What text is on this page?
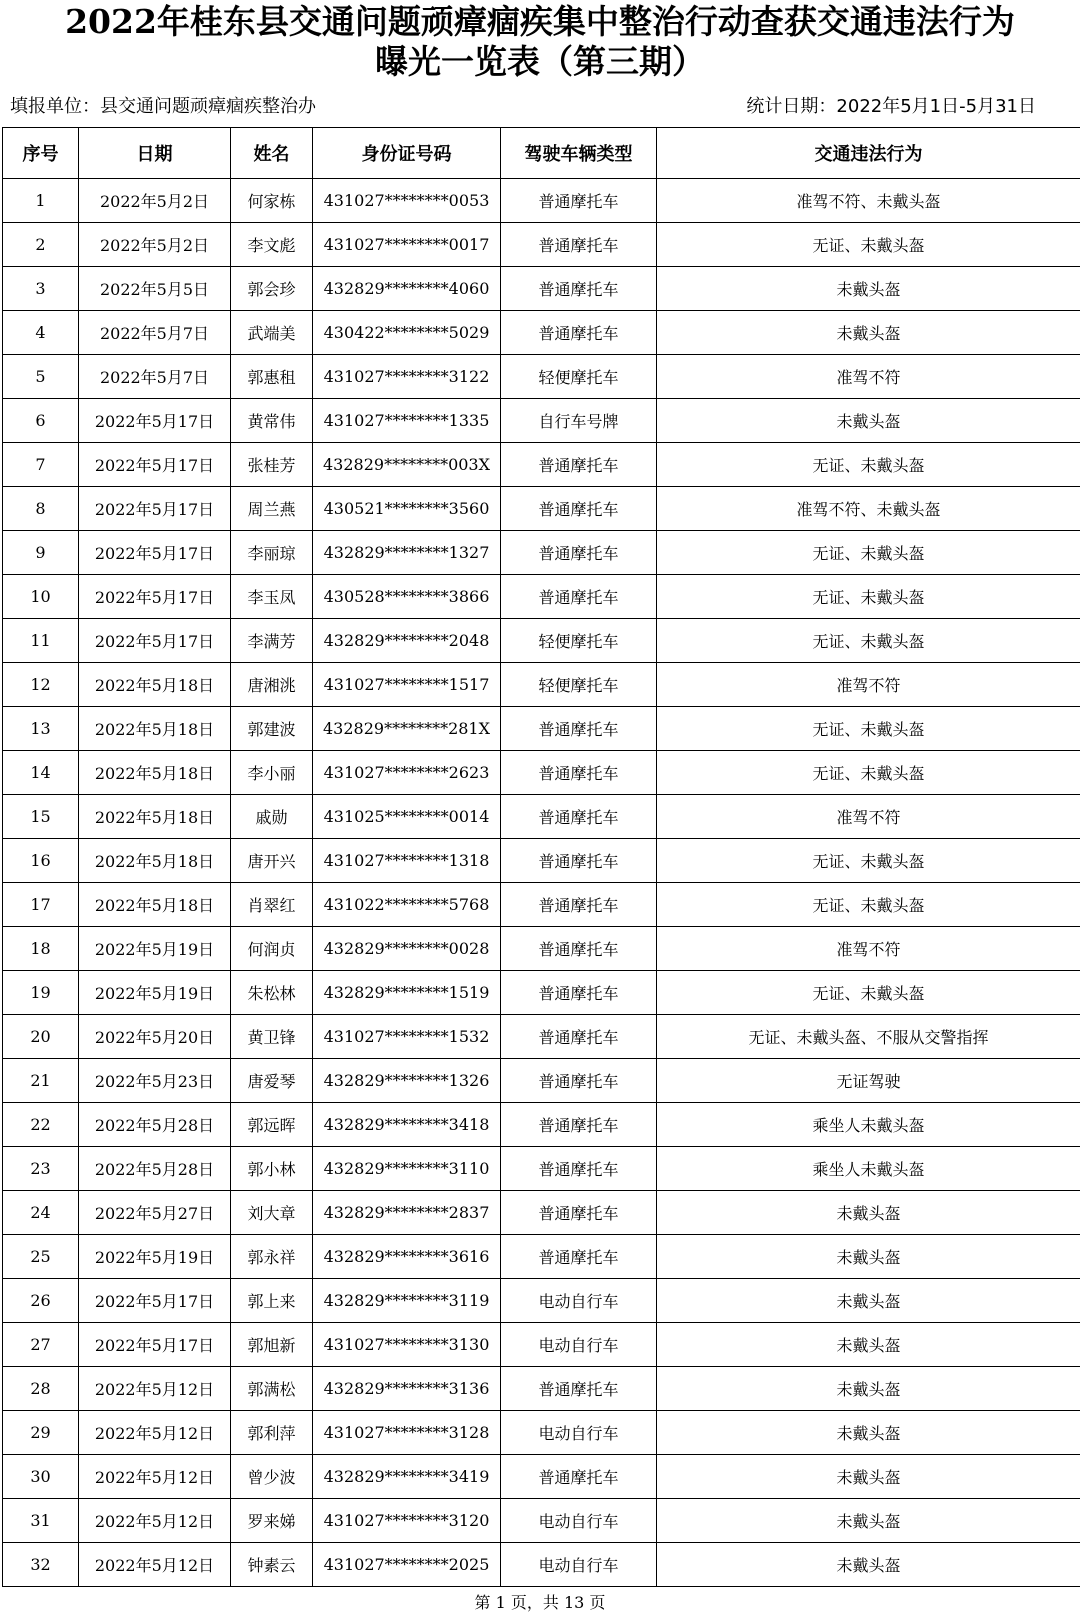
2022年桂东县交通问题顽瘴痼疾集中整治行动查获交通违法行为
曝光一览表（第三期）
填报单位：县交通问题顽瘴痼疾整治办	统计日期：2022年5月1日-5月31日
序号	日期	姓名	身份证号码	驾驶车辆类型	交通违法行为
1	2022年5月2日	何家栋	431027********0053	普通摩托车	准驾不符、未戴头盔
2	2022年5月2日	李文彪	431027********0017	普通摩托车	无证、未戴头盔
3	2022年5月5日	郭会珍	432829********4060	普通摩托车	未戴头盔
4	2022年5月7日	武端美	430422********5029	普通摩托车	未戴头盔
5	2022年5月7日	郭惠租	431027********3122	轻便摩托车	准驾不符
6	2022年5月17日	黄常伟	431027********1335	自行车号牌	未戴头盔
7	2022年5月17日	张桂芳	432829********003X	普通摩托车	无证、未戴头盔
8	2022年5月17日	周兰燕	430521********3560	普通摩托车	准驾不符、未戴头盔
9	2022年5月17日	李丽琼	432829********1327	普通摩托车	无证、未戴头盔
10	2022年5月17日	李玉凤	430528********3866	普通摩托车	无证、未戴头盔
11	2022年5月17日	李满芳	432829********2048	轻便摩托车	无证、未戴头盔
12	2022年5月18日	唐湘洮	431027********1517	轻便摩托车	准驾不符
13	2022年5月18日	郭建波	432829********281X	普通摩托车	无证、未戴头盔
14	2022年5月18日	李小丽	431027********2623	普通摩托车	无证、未戴头盔
15	2022年5月18日	戚勋	431025********0014	普通摩托车	准驾不符
16	2022年5月18日	唐开兴	431027********1318	普通摩托车	无证、未戴头盔
17	2022年5月18日	肖翠红	431022********5768	普通摩托车	无证、未戴头盔
18	2022年5月19日	何润贞	432829********0028	普通摩托车	准驾不符
19	2022年5月19日	朱松林	432829********1519	普通摩托车	无证、未戴头盔
20	2022年5月20日	黄卫锋	431027********1532	普通摩托车	无证、未戴头盔、不服从交警指挥
21	2022年5月23日	唐爱琴	432829********1326	普通摩托车	无证驾驶
22	2022年5月28日	郭远晖	432829********3418	普通摩托车	乘坐人未戴头盔
23	2022年5月28日	郭小林	432829********3110	普通摩托车	乘坐人未戴头盔
24	2022年5月27日	刘大章	432829********2837	普通摩托车	未戴头盔
25	2022年5月19日	郭永祥	432829********3616	普通摩托车	未戴头盔
26	2022年5月17日	郭上来	432829********3119	电动自行车	未戴头盔
27	2022年5月17日	郭旭新	431027********3130	电动自行车	未戴头盔
28	2022年5月12日	郭满松	432829********3136	普通摩托车	未戴头盔
29	2022年5月12日	郭利萍	431027********3128	电动自行车	未戴头盔
30	2022年5月12日	曾少波	432829********3419	普通摩托车	未戴头盔
31	2022年5月12日	罗来娣	431027********3120	电动自行车	未戴头盔
32	2022年5月12日	钟素云	431027********2025	电动自行车	未戴头盔
第 1 页，共 13 页
